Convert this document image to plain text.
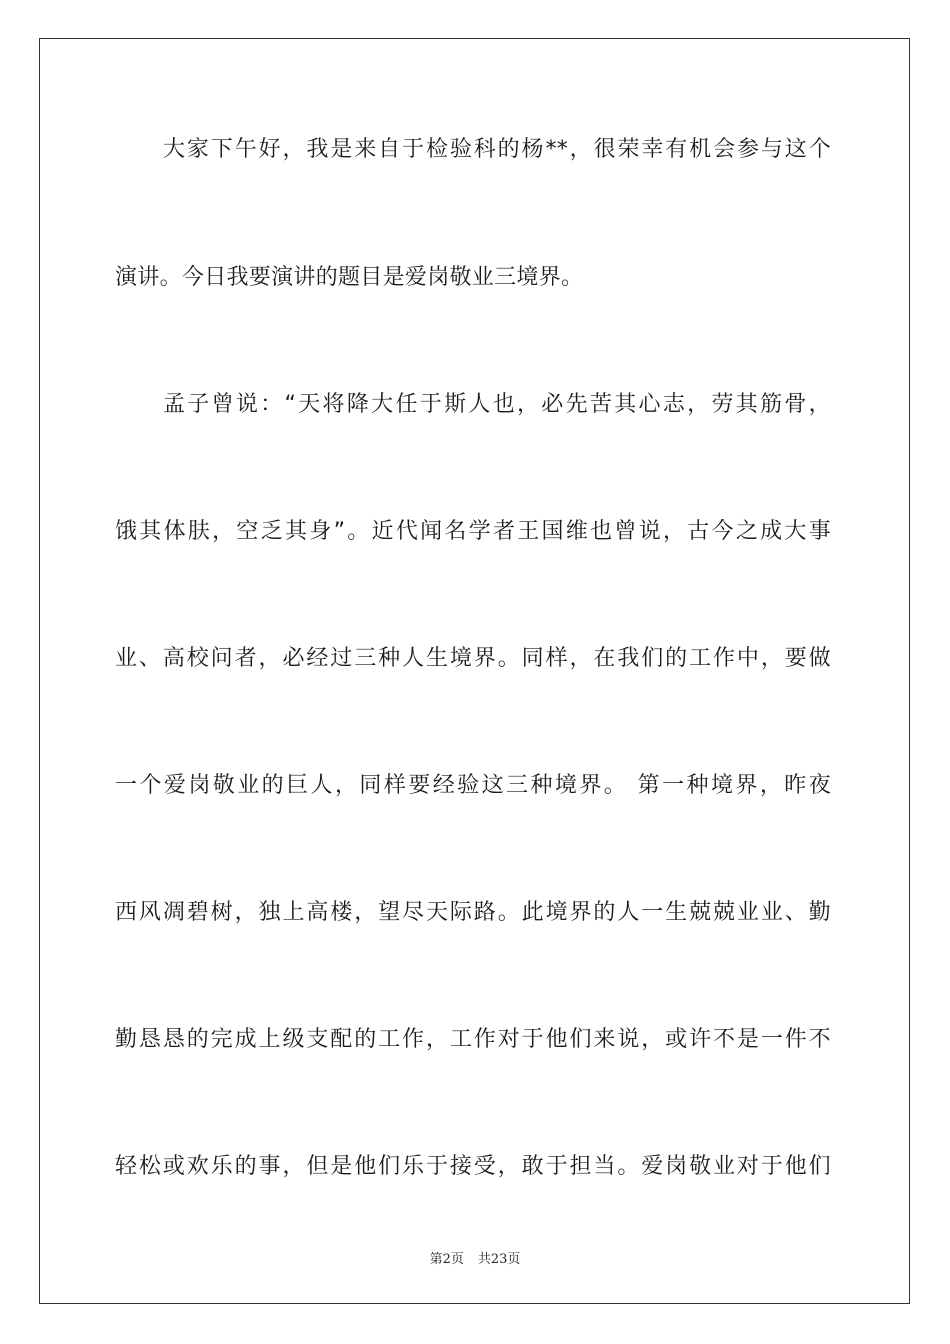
大家下午好，我是来自于检验科的杨**，很荣幸有机会参与这个
演讲。今日我要演讲的题目是爱岗敬业三境界。
孟子曾说：“天将降大任于斯人也，必先苦其心志，劳其筋骨，
饿其体肤，空乏其身”。近代闻名学者王国维也曾说，古今之成大事
业、高校问者，必经过三种人生境界。同样，在我们的工作中，要做
一个爱岗敬业的巨人，同样要经验这三种境界。 第一种境界，昨夜
西风凋碧树，独上高楼，望尽天际路。此境界的人一生兢兢业业、勤
勤恳恳的完成上级支配的工作，工作对于他们来说，或许不是一件不
轻松或欢乐的事，但是他们乐于接受，敢于担当。爱岗敬业对于他们
第2页 共23页
